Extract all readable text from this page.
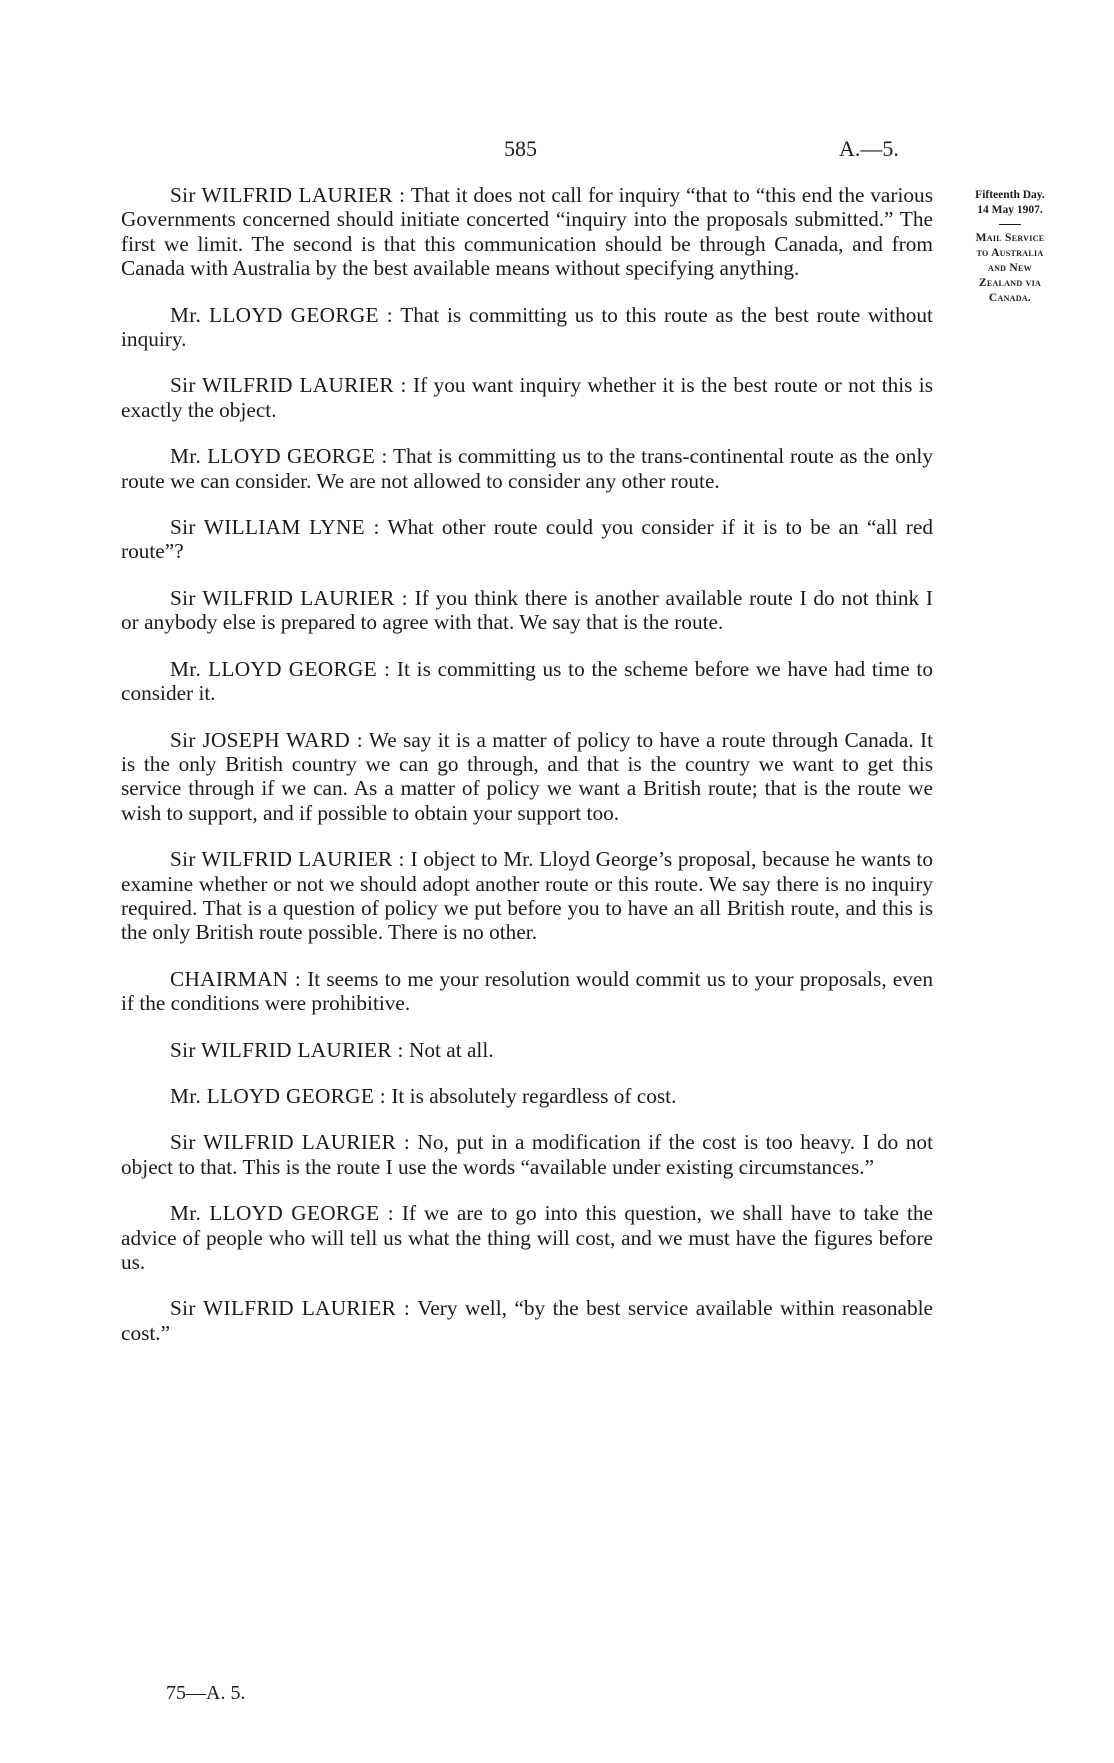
585	A.—5.
Fifteenth Day.
14 May 1907.
Mail Service
to Australia
and New
Zealand via
Canada.

Sir WILFRID LAURIER : That it does not call for inquiry “that to “this end the various Governments concerned should initiate concerted “inquiry into the proposals submitted.” The first we limit. The second is that this communication should be through Canada, and from Canada with Australia by the best available means without specifying anything.

Mr. LLOYD GEORGE : That is committing us to this route as the best route without inquiry.

Sir WILFRID LAURIER : If you want inquiry whether it is the best route or not this is exactly the object.

Mr. LLOYD GEORGE : That is committing us to the trans-continental route as the only route we can consider. We are not allowed to consider any other route.

Sir WILLIAM LYNE : What other route could you consider if it is to be an “all red route”?

Sir WILFRID LAURIER : If you think there is another available route I do not think I or anybody else is prepared to agree with that. We say that is the route.

Mr. LLOYD GEORGE : It is committing us to the scheme before we have had time to consider it.

Sir JOSEPH WARD : We say it is a matter of policy to have a route through Canada. It is the only British country we can go through, and that is the country we want to get this service through if we can. As a matter of policy we want a British route; that is the route we wish to support, and if possible to obtain your support too.

Sir WILFRID LAURIER : I object to Mr. Lloyd George’s proposal, because he wants to examine whether or not we should adopt another route or this route. We say there is no inquiry required. That is a question of policy we put before you to have an all British route, and this is the only British route possible. There is no other.

CHAIRMAN : It seems to me your resolution would commit us to your proposals, even if the conditions were prohibitive.

Sir WILFRID LAURIER : Not at all.

Mr. LLOYD GEORGE : It is absolutely regardless of cost.

Sir WILFRID LAURIER : No, put in a modification if the cost is too heavy. I do not object to that. This is the route I use the words “available under existing circumstances.”

Mr. LLOYD GEORGE : If we are to go into this question, we shall have to take the advice of people who will tell us what the thing will cost, and we must have the figures before us.

Sir WILFRID LAURIER : Very well, “by the best service available within reasonable cost.”

75—A. 5.
